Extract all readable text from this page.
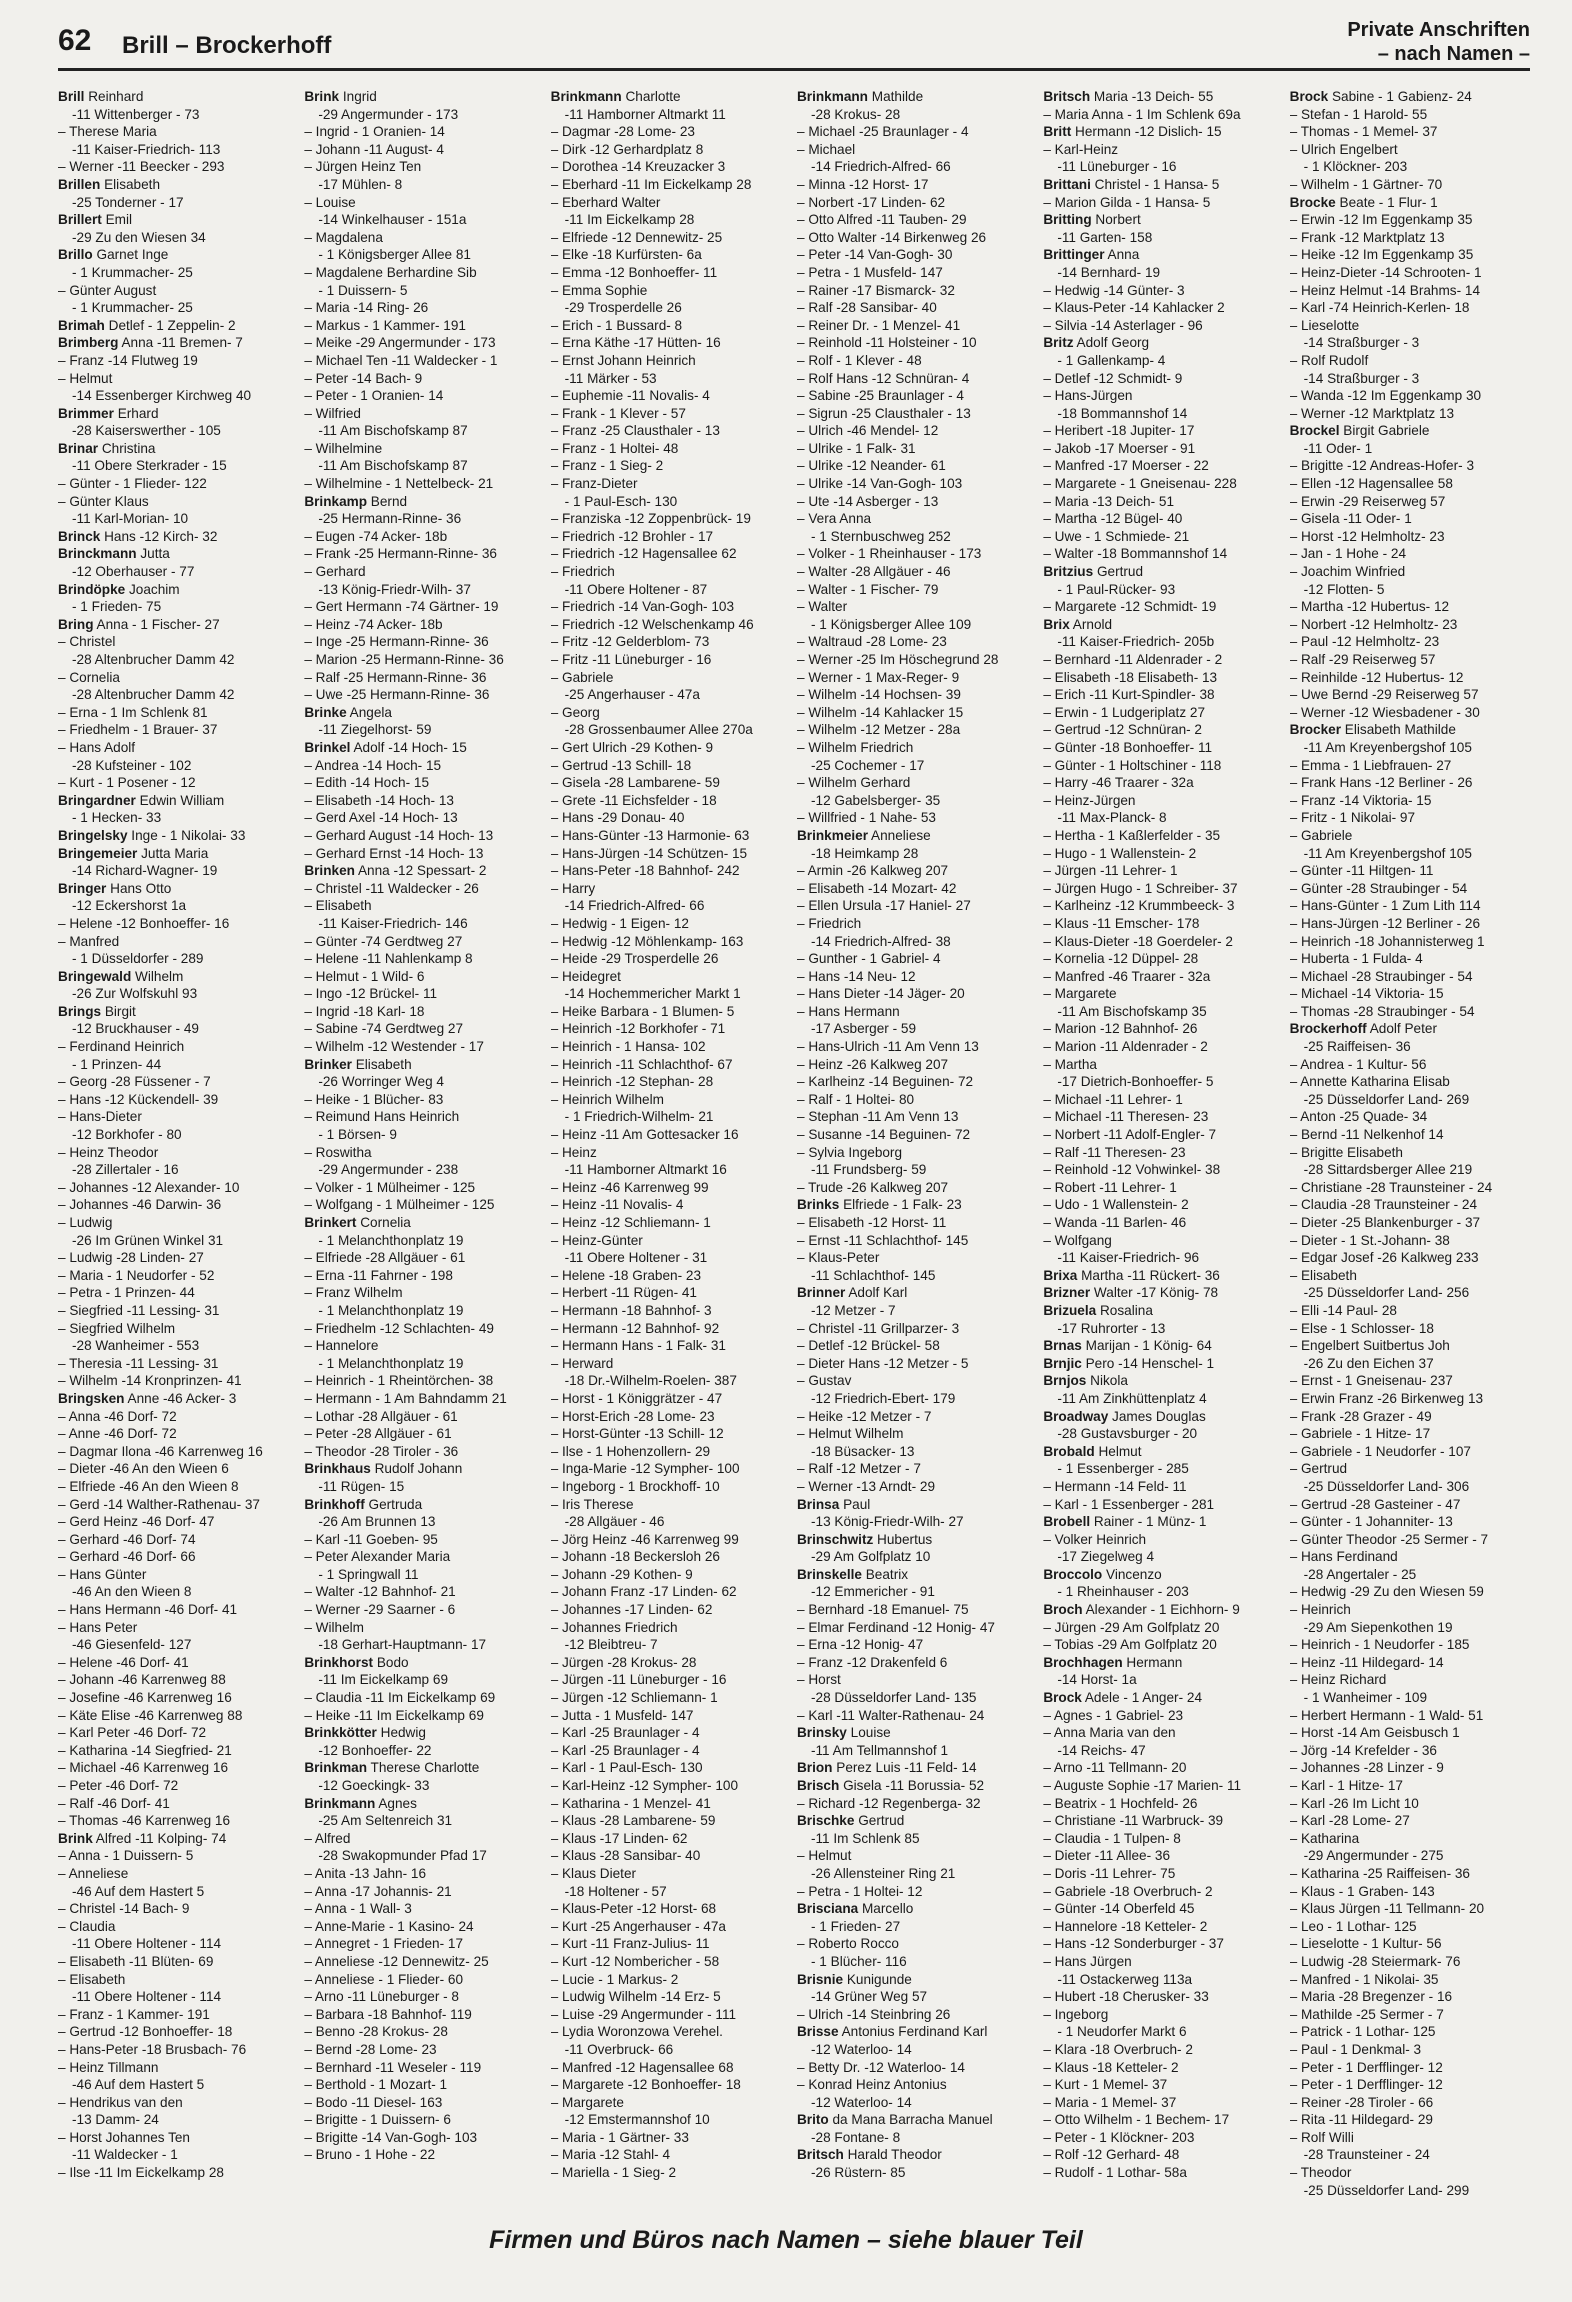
62 Brill – Brockerhoff
Private Anschriften
– nach Namen –
Brill Reinhard
-11 Wittenberger - 73
– Therese Maria
-11 Kaiser-Friedrich- 113
– Werner -11 Beecker - 293
Brillen Elisabeth
-25 Tonderner - 17
Brillert Emil
-29 Zu den Wiesen 34
Brillo Garnet Inge
- 1 Krummacher- 25
– Günter August
- 1 Krummacher- 25
Brimah Detlef - 1 Zeppelin- 2
Brimberg Anna -11 Bremen- 7
– Franz -14 Flutweg 19
– Helmut
-14 Essenberger Kirchweg 40
Brimmer Erhard
-28 Kaiserswerther - 105
Brinar Christina
-11 Obere Sterkrader - 15
– Günter - 1 Flieder- 122
– Günter Klaus
-11 Karl-Morian- 10
Brinck Hans -12 Kirch- 32
Brinckmann Jutta
-12 Oberhauser - 77
Brindöpke Joachim
- 1 Frieden- 75
Bring Anna - 1 Fischer- 27
– Christel
-28 Altenbrucher Damm 42
– Cornelia
-28 Altenbrucher Damm 42
– Erna - 1 Im Schlenk 81
– Friedhelm - 1 Brauer- 37
– Hans Adolf
-28 Kufsteiner - 102
– Kurt - 1 Posener - 12
Bringardner Edwin William
- 1 Hecken- 33
Bringelsky Inge - 1 Nikolai- 33
Bringemeier Jutta Maria
-14 Richard-Wagner- 19
Bringer Hans Otto
-12 Eckershorst 1a
– Helene -12 Bonhoeffer- 16
– Manfred
- 1 Düsseldorfer - 289
Bringewald Wilhelm
-26 Zur Wolfskuhl 93
Brings Birgit
-12 Bruckhauser - 49
– Ferdinand Heinrich
- 1 Prinzen- 44
– Georg -28 Füssener - 7
– Hans -12 Kückendell- 39
– Hans-Dieter
-12 Borkhofer - 80
– Heinz Theodor
-28 Zillertaler - 16
– Johannes -12 Alexander- 10
– Johannes -46 Darwin- 36
– Ludwig
-26 Im Grünen Winkel 31
– Ludwig -28 Linden- 27
– Maria - 1 Neudorfer - 52
– Petra - 1 Prinzen- 44
– Siegfried -11 Lessing- 31
– Siegfried Wilhelm
-28 Wanheimer - 553
– Theresia -11 Lessing- 31
– Wilhelm -14 Kronprinzen- 41
Bringsken Anne -46 Acker- 3
– Anna -46 Dorf- 72
– Anne -46 Dorf- 72
– Dagmar Ilona -46 Karrenweg 16
– Dieter -46 An den Wieen 6
– Elfriede -46 An den Wieen 8
– Gerd -14 Walther-Rathenau- 37
– Gerd Heinz -46 Dorf- 47
– Gerhard -46 Dorf- 74
– Gerhard -46 Dorf- 66
– Hans Günter
-46 An den Wieen 8
– Hans Hermann -46 Dorf- 41
– Hans Peter
-46 Giesenfeld- 127
– Helene -46 Dorf- 41
– Johann -46 Karrenweg 88
– Josefine -46 Karrenweg 16
– Käte Elise -46 Karrenweg 88
– Karl Peter -46 Dorf- 72
– Katharina -14 Siegfried- 21
– Michael -46 Karrenweg 16
– Peter -46 Dorf- 72
– Ralf -46 Dorf- 41
– Thomas -46 Karrenweg 16
Brink Alfred -11 Kolping- 74
– Anna - 1 Duissern- 5
– Anneliese
-46 Auf dem Hastert 5
– Christel -14 Bach- 9
– Claudia
-11 Obere Holtener - 114
– Elisabeth -11 Blüten- 69
– Elisabeth
-11 Obere Holtener - 114
– Franz - 1 Kammer- 191
– Gertrud -12 Bonhoeffer- 18
– Hans-Peter -18 Brusbach- 76
– Heinz Tillmann
-46 Auf dem Hastert 5
– Hendrikus van den
-13 Damm- 24
– Horst Johannes Ten
-11 Waldecker - 1
– Ilse -11 Im Eickelkamp 28
Brink Ingrid
-29 Angermunder - 173
– Ingrid - 1 Oranien- 14
– Johann -11 August- 4
– Jürgen Heinz Ten
-17 Mühlen- 8
– Louise
-14 Winkelhauser - 151a
– Magdalena
- 1 Königsberger Allee 81
– Magdalene Berhardine Sib
- 1 Duissern- 5
– Maria -14 Ring- 26
– Markus - 1 Kammer- 191
– Meike -29 Angermunder - 173
– Michael Ten -11 Waldecker - 1
– Peter -14 Bach- 9
– Peter - 1 Oranien- 14
– Wilfried
-11 Am Bischofskamp 87
– Wilhelmine
-11 Am Bischofskamp 87
– Wilhelmine - 1 Nettelbeck- 21
Brinkamp Bernd
-25 Hermann-Rinne- 36
– Eugen -74 Acker- 18b
– Frank -25 Hermann-Rinne- 36
– Gerhard
-13 König-Friedr-Wilh- 37
– Gert Hermann -74 Gärtner- 19
– Heinz -74 Acker- 18b
– Inge -25 Hermann-Rinne- 36
– Marion -25 Hermann-Rinne- 36
– Ralf -25 Hermann-Rinne- 36
– Uwe -25 Hermann-Rinne- 36
Brinke Angela
-11 Ziegelhorst- 59
Brinkel Adolf -14 Hoch- 15
– Andrea -14 Hoch- 15
– Edith -14 Hoch- 15
– Elisabeth -14 Hoch- 13
– Gerd Axel -14 Hoch- 13
– Gerhard August -14 Hoch- 13
– Gerhard Ernst -14 Hoch- 13
Brinken Anna -12 Spessart- 2
– Christel -11 Waldecker - 26
– Elisabeth
-11 Kaiser-Friedrich- 146
– Günter -74 Gerdtweg 27
– Helene -11 Nahlenkamp 8
– Helmut - 1 Wild- 6
– Ingo -12 Brückel- 11
– Ingrid -18 Karl- 18
– Sabine -74 Gerdtweg 27
– Wilhelm -12 Westender - 17
Brinker Elisabeth
-26 Worringer Weg 4
– Heike - 1 Blücher- 83
– Reimund Hans Heinrich
- 1 Börsen- 9
– Roswitha
-29 Angermunder - 238
– Volker - 1 Mülheimer - 125
– Wolfgang - 1 Mülheimer - 125
Brinkert Cornelia
- 1 Melanchthonplatz 19
– Elfriede -28 Allgäuer - 61
– Erna -11 Fahrner - 198
– Franz Wilhelm
- 1 Melanchthonplatz 19
– Friedhelm -12 Schlachten- 49
– Hannelore
- 1 Melanchthonplatz 19
– Heinrich - 1 Rheintörchen- 38
– Hermann - 1 Am Bahndamm 21
– Lothar -28 Allgäuer - 61
– Peter -28 Allgäuer - 61
– Theodor -28 Tiroler - 36
Brinkhaus Rudolf Johann
-11 Rügen- 15
Brinkhoff Gertruda
-26 Am Brunnen 13
– Karl -11 Goeben- 95
– Peter Alexander Maria
- 1 Springwall 11
– Walter -12 Bahnhof- 21
– Werner -29 Saarner - 6
– Wilhelm
-18 Gerhart-Hauptmann- 17
Brinkhorst Bodo
-11 Im Eickelkamp 69
– Claudia -11 Im Eickelkamp 69
– Heike -11 Im Eickelkamp 69
Brinkkötter Hedwig
-12 Bonhoeffer- 22
Brinkman Therese Charlotte
-12 Goeckingk- 33
Brinkmann Agnes
-25 Am Seltenreich 31
– Alfred
-28 Swakopmunder Pfad 17
– Anita -13 Jahn- 16
– Anna -17 Johannis- 21
– Anna - 1 Wall- 3
– Anne-Marie - 1 Kasino- 24
– Annegret - 1 Frieden- 17
– Anneliese -12 Dennewitz- 25
– Anneliese - 1 Flieder- 60
– Arno -11 Lüneburger - 8
– Barbara -18 Bahnhof- 119
– Benno -28 Krokus- 28
– Bernd -28 Lome- 23
– Bernhard -11 Weseler - 119
– Berthold - 1 Mozart- 1
– Bodo -11 Diesel- 163
– Brigitte - 1 Duissern- 6
– Brigitte -14 Van-Gogh- 103
– Bruno - 1 Hohe - 22
Brinkmann Charlotte
-11 Hamborner Altmarkt 11
– Dagmar -28 Lome- 23
– Dirk -12 Gerhardplatz 8
– Dorothea -14 Kreuzacker 3
– Eberhard -11 Im Eickelkamp 28
– Eberhard Walter
-11 Im Eickelkamp 28
– Elfriede -12 Dennewitz- 25
– Elke -18 Kurfürsten- 6a
– Emma -12 Bonhoeffer- 11
– Emma Sophie
-29 Trosperdelle 26
– Erich - 1 Bussard- 8
– Erna Käthe -17 Hütten- 16
– Ernst Johann Heinrich
-11 Märker - 53
– Euphemie -11 Novalis- 4
– Frank - 1 Klever - 57
– Franz -25 Clausthaler - 13
– Franz - 1 Holtei- 48
– Franz - 1 Sieg- 2
– Franz-Dieter
- 1 Paul-Esch- 130
– Franziska -12 Zoppenbrück- 19
– Friedrich -12 Brohler - 17
– Friedrich -12 Hagensallee 62
– Friedrich
-11 Obere Holtener - 87
– Friedrich -14 Van-Gogh- 103
– Friedrich -12 Welschenkamp 46
– Fritz -12 Gelderblom- 73
– Fritz -11 Lüneburger - 16
– Gabriele
-25 Angerhauser - 47a
– Georg
-28 Grossenbaumer Allee 270a
– Gert Ulrich -29 Kothen- 9
– Gertrud -13 Schill- 18
– Gisela -28 Lambarene- 59
– Grete -11 Eichsfelder - 18
– Hans -29 Donau- 40
– Hans-Günter -13 Harmonie- 63
– Hans-Jürgen -14 Schützen- 15
– Hans-Peter -18 Bahnhof- 242
– Harry
-14 Friedrich-Alfred- 66
– Hedwig - 1 Eigen- 12
– Hedwig -12 Möhlenkamp- 163
– Heide -29 Trosperdelle 26
– Heidegret
-14 Hochemmericher Markt 1
– Heike Barbara - 1 Blumen- 5
– Heinrich -12 Borkhofer - 71
– Heinrich - 1 Hansa- 102
– Heinrich -11 Schlachthof- 67
– Heinrich -12 Stephan- 28
– Heinrich Wilhelm
- 1 Friedrich-Wilhelm- 21
– Heinz -11 Am Gottesacker 16
– Heinz
-11 Hamborner Altmarkt 16
– Heinz -46 Karrenweg 99
– Heinz -11 Novalis- 4
– Heinz -12 Schliemann- 1
– Heinz-Günter
-11 Obere Holtener - 31
– Helene -18 Graben- 23
– Herbert -11 Rügen- 41
– Hermann -18 Bahnhof- 3
– Hermann -12 Bahnhof- 92
– Hermann Hans - 1 Falk- 31
– Herward
-18 Dr.-Wilhelm-Roelen- 387
– Horst - 1 Königgrätzer - 47
– Horst-Erich -28 Lome- 23
– Horst-Günter -13 Schill- 12
– Ilse - 1 Hohenzollern- 29
– Inga-Marie -12 Sympher- 100
– Ingeborg - 1 Brockhoff- 10
– Iris Therese
-28 Allgäuer - 46
– Jörg Heinz -46 Karrenweg 99
– Johann -18 Beckersloh 26
– Johann -29 Kothen- 9
– Johann Franz -17 Linden- 62
– Johannes -17 Linden- 62
– Johannes Friedrich
-12 Bleibtreu- 7
– Jürgen -28 Krokus- 28
– Jürgen -11 Lüneburger - 16
– Jürgen -12 Schliemann- 1
– Jutta - 1 Musfeld- 147
– Karl -25 Braunlager - 4
– Karl -25 Braunlager - 4
– Karl - 1 Paul-Esch- 130
– Karl-Heinz -12 Sympher- 100
– Katharina - 1 Menzel- 41
– Klaus -28 Lambarene- 59
– Klaus -17 Linden- 62
– Klaus -28 Sansibar- 40
– Klaus Dieter
-18 Holtener - 57
– Klaus-Peter -12 Horst- 68
– Kurt -25 Angerhauser - 47a
– Kurt -11 Franz-Julius- 11
– Kurt -12 Nombericher - 58
– Lucie - 1 Markus- 2
– Ludwig Wilhelm -14 Erz- 5
– Luise -29 Angermunder - 111
– Lydia Woronzowa Verehel.
-11 Overbruck- 66
– Manfred -12 Hagensallee 68
– Margarete -12 Bonhoeffer- 18
– Margarete
-12 Emstermannshof 10
– Maria - 1 Gärtner- 33
– Maria -12 Stahl- 4
– Mariella - 1 Sieg- 2
Brinkmann Mathilde
-28 Krokus- 28
– Michael -25 Braunlager - 4
– Michael
-14 Friedrich-Alfred- 66
– Minna -12 Horst- 17
– Norbert -17 Linden- 62
– Otto Alfred -11 Tauben- 29
– Otto Walter -14 Birkenweg 26
– Peter -14 Van-Gogh- 30
– Petra - 1 Musfeld- 147
– Rainer -17 Bismarck- 32
– Ralf -28 Sansibar- 40
– Reiner Dr. - 1 Menzel- 41
– Reinhold -11 Holsteiner - 10
– Rolf - 1 Klever - 48
– Rolf Hans -12 Schnüran- 4
– Sabine -25 Braunlager - 4
– Sigrun -25 Clausthaler - 13
– Ulrich -46 Mendel- 12
– Ulrike - 1 Falk- 31
– Ulrike -12 Neander- 61
– Ulrike -14 Van-Gogh- 103
– Ute -14 Asberger - 13
– Vera Anna
- 1 Sternbuschweg 252
– Volker - 1 Rheinhauser - 173
– Walter -28 Allgäuer - 46
– Walter - 1 Fischer- 79
– Walter
- 1 Königsberger Allee 109
– Waltraud -28 Lome- 23
– Werner -25 Im Höschegrund 28
– Werner - 1 Max-Reger- 9
– Wilhelm -14 Hochsen- 39
– Wilhelm -14 Kahlacker 15
– Wilhelm -12 Metzer - 28a
– Wilhelm Friedrich
-25 Cochemer - 17
– Wilhelm Gerhard
-12 Gabelsberger- 35
– Willfried - 1 Nahe- 53
Brinkmeier Anneliese
-18 Heimkamp 28
– Armin -26 Kalkweg 207
– Elisabeth -14 Mozart- 42
– Ellen Ursula -17 Haniel- 27
– Friedrich
-14 Friedrich-Alfred- 38
– Gunther - 1 Gabriel- 4
– Hans -14 Neu- 12
– Hans Dieter -14 Jäger- 20
– Hans Hermann
-17 Asberger - 59
– Hans-Ulrich -11 Am Venn 13
– Heinz -26 Kalkweg 207
– Karlheinz -14 Beguinen- 72
– Ralf - 1 Holtei- 80
– Stephan -11 Am Venn 13
– Susanne -14 Beguinen- 72
– Sylvia Ingeborg
-11 Frundsberg- 59
– Trude -26 Kalkweg 207
Brinks Elfriede - 1 Falk- 23
– Elisabeth -12 Horst- 11
– Ernst -11 Schlachthof- 145
– Klaus-Peter
-11 Schlachthof- 145
Brinner Adolf Karl
-12 Metzer - 7
– Christel -11 Grillparzer- 3
– Detlef -12 Brückel- 58
– Dieter Hans -12 Metzer - 5
– Gustav
-12 Friedrich-Ebert- 179
– Heike -12 Metzer - 7
– Helmut Wilhelm
-18 Büsacker- 13
– Ralf -12 Metzer - 7
– Werner -13 Arndt- 29
Brinsa Paul
-13 König-Friedr-Wilh- 27
Brinschwitz Hubertus
-29 Am Golfplatz 10
Brinskelle Beatrix
-12 Emmericher - 91
– Bernhard -18 Emanuel- 75
– Elmar Ferdinand -12 Honig- 47
– Erna -12 Honig- 47
– Franz -12 Drakenfeld 6
– Horst
-28 Düsseldorfer Land- 135
– Karl -11 Walter-Rathenau- 24
Brinsky Louise
-11 Am Tellmannshof 1
Brion Perez Luis -11 Feld- 14
Brisch Gisela -11 Borussia- 52
– Richard -12 Regenberga- 32
Brischke Gertrud
-11 Im Schlenk 85
– Helmut
-26 Allensteiner Ring 21
– Petra - 1 Holtei- 12
Brisciana Marcello
- 1 Frieden- 27
– Roberto Rocco
- 1 Blücher- 116
Brisnie Kunigunde
-14 Grüner Weg 57
– Ulrich -14 Steinbring 26
Brisse Antonius Ferdinand Karl
-12 Waterloo- 14
– Betty Dr. -12 Waterloo- 14
– Konrad Heinz Antonius
-12 Waterloo- 14
Brito da Mana Barracha Manuel
-28 Fontane- 8
Britsch Harald Theodor
-26 Rüstern- 85
Britsch Maria -13 Deich- 55
– Maria Anna - 1 Im Schlenk 69a
Britt Hermann -12 Dislich- 15
– Karl-Heinz
-11 Lüneburger - 16
Brittani Christel - 1 Hansa- 5
– Marion Gilda - 1 Hansa- 5
Britting Norbert
-11 Garten- 158
Brittinger Anna
-14 Bernhard- 19
– Hedwig -14 Günter- 3
– Klaus-Peter -14 Kahlacker 2
– Silvia -14 Asterlager - 96
Britz Adolf Georg
- 1 Gallenkamp- 4
– Detlef -12 Schmidt- 9
– Hans-Jürgen
-18 Bommannshof 14
– Heribert -18 Jupiter- 17
– Jakob -17 Moerser - 91
– Manfred -17 Moerser - 22
– Margarete - 1 Gneisenau- 228
– Maria -13 Deich- 51
– Martha -12 Bügel- 40
– Uwe - 1 Schmiede- 21
– Walter -18 Bommannshof 14
Britzius Gertrud
- 1 Paul-Rücker- 93
– Margarete -12 Schmidt- 19
Brix Arnold
-11 Kaiser-Friedrich- 205b
– Bernhard -11 Aldenrader - 2
– Elisabeth -18 Elisabeth- 13
– Erich -11 Kurt-Spindler- 38
– Erwin - 1 Ludgeriplatz 27
– Gertrud -12 Schnüran- 2
– Günter -18 Bonhoeffer- 11
– Günter - 1 Holtschiner - 118
– Harry -46 Traarer - 32a
– Heinz-Jürgen
-11 Max-Planck- 8
– Hertha - 1 Kaßlerfelder - 35
– Hugo - 1 Wallenstein- 2
– Jürgen -11 Lehrer- 1
– Jürgen Hugo - 1 Schreiber- 37
– Karlheinz -12 Krummbeeck- 3
– Klaus -11 Emscher- 178
– Klaus-Dieter -18 Goerdeler- 2
– Kornelia -12 Düppel- 28
– Manfred -46 Traarer - 32a
– Margarete
-11 Am Bischofskamp 35
– Marion -12 Bahnhof- 26
– Marion -11 Aldenrader - 2
– Martha
-17 Dietrich-Bonhoeffer- 5
– Michael -11 Lehrer- 1
– Michael -11 Theresen- 23
– Norbert -11 Adolf-Engler- 7
– Ralf -11 Theresen- 23
– Reinhold -12 Vohwinkel- 38
– Robert -11 Lehrer- 1
– Udo - 1 Wallenstein- 2
– Wanda -11 Barlen- 46
– Wolfgang
-11 Kaiser-Friedrich- 96
Brixa Martha -11 Rückert- 36
Brizner Walter -17 König- 78
Brizuela Rosalina
-17 Ruhrorter - 13
Brnas Marijan - 1 König- 64
Brnjic Pero -14 Henschel- 1
Brnjos Nikola
-11 Am Zinkhüttenplatz 4
Broadway James Douglas
-28 Gustavsburger - 20
Brobald Helmut
- 1 Essenberger - 285
– Hermann -14 Feld- 11
– Karl - 1 Essenberger - 281
Brobell Rainer - 1 Münz- 1
– Volker Heinrich
-17 Ziegelweg 4
Broccolo Vincenzo
- 1 Rheinhauser - 203
Broch Alexander - 1 Eichhorn- 9
– Jürgen -29 Am Golfplatz 20
– Tobias -29 Am Golfplatz 20
Brochhagen Hermann
-14 Horst- 1a
Brock Adele - 1 Anger- 24
– Agnes - 1 Gabriel- 23
– Anna Maria van den
-14 Reichs- 47
– Arno -11 Tellmann- 20
– Auguste Sophie -17 Marien- 11
– Beatrix - 1 Hochfeld- 26
– Christiane -11 Warbruck- 39
– Claudia - 1 Tulpen- 8
– Dieter -11 Allee- 36
– Doris -11 Lehrer- 75
– Gabriele -18 Overbruch- 2
– Günter -14 Oberfeld 45
– Hannelore -18 Ketteler- 2
– Hans -12 Sonderburger - 37
– Hans Jürgen
-11 Ostackerweg 113a
– Hubert -18 Cherusker- 33
– Ingeborg
- 1 Neudorfer Markt 6
– Klara -18 Overbruch- 2
– Klaus -18 Ketteler- 2
– Kurt - 1 Memel- 37
– Maria - 1 Memel- 37
– Otto Wilhelm - 1 Bechem- 17
– Peter - 1 Klöckner- 203
– Rolf -12 Gerhard- 48
– Rudolf - 1 Lothar- 58a
Brock Sabine - 1 Gabienz- 24
– Stefan - 1 Harold- 55
– Thomas - 1 Memel- 37
– Ulrich Engelbert
- 1 Klöckner- 203
– Wilhelm - 1 Gärtner- 70
Brocke Beate - 1 Flur- 1
– Erwin -12 Im Eggenkamp 35
– Frank -12 Marktplatz 13
– Heike -12 Im Eggenkamp 35
– Heinz-Dieter -14 Schrooten- 1
– Heinz Helmut -14 Brahms- 14
– Karl -74 Heinrich-Kerlen- 18
– Lieselotte
-14 Straßburger - 3
– Rolf Rudolf
-14 Straßburger - 3
– Wanda -12 Im Eggenkamp 30
– Werner -12 Marktplatz 13
Brockel Birgit Gabriele
-11 Oder- 1
– Brigitte -12 Andreas-Hofer- 3
– Ellen -12 Hagensallee 58
– Erwin -29 Reiserweg 57
– Gisela -11 Oder- 1
– Horst -12 Helmholtz- 23
– Jan - 1 Hohe - 24
– Joachim Winfried
-12 Flotten- 5
– Martha -12 Hubertus- 12
– Norbert -12 Helmholtz- 23
– Paul -12 Helmholtz- 23
– Ralf -29 Reiserweg 57
– Reinhilde -12 Hubertus- 12
– Uwe Bernd -29 Reiserweg 57
– Werner -12 Wiesbadener - 30
Brocker Elisabeth Mathilde
-11 Am Kreyenbergshof 105
– Emma - 1 Liebfrauen- 27
– Frank Hans -12 Berliner - 26
– Franz -14 Viktoria- 15
– Fritz - 1 Nikolai- 97
– Gabriele
-11 Am Kreyenbergshof 105
– Günter -11 Hiltgen- 11
– Günter -28 Straubinger - 54
– Hans-Günter - 1 Zum Lith 114
– Hans-Jürgen -12 Berliner - 26
– Heinrich -18 Johannisterweg 1
– Huberta - 1 Fulda- 4
– Michael -28 Straubinger - 54
– Michael -14 Viktoria- 15
– Thomas -28 Straubinger - 54
Brockerhoff Adolf Peter
-25 Raiffeisen- 36
– Andrea - 1 Kultur- 56
– Annette Katharina Elisab
-25 Düsseldorfer Land- 269
– Anton -25 Quade- 34
– Bernd -11 Nelkenhof 14
– Brigitte Elisabeth
-28 Sittardsberger Allee 219
– Christiane -28 Traunsteiner - 24
– Claudia -28 Traunsteiner - 24
– Dieter -25 Blankenburger - 37
– Dieter - 1 St.-Johann- 38
– Edgar Josef -26 Kalkweg 233
– Elisabeth
-25 Düsseldorfer Land- 256
– Elli -14 Paul- 28
– Else - 1 Schlosser- 18
– Engelbert Suitbertus Joh
-26 Zu den Eichen 37
– Ernst - 1 Gneisenau- 237
– Erwin Franz -26 Birkenweg 13
– Frank -28 Grazer - 49
– Gabriele - 1 Hitze- 17
– Gabriele - 1 Neudorfer - 107
– Gertrud
-25 Düsseldorfer Land- 306
– Gertrud -28 Gasteiner - 47
– Günter - 1 Johanniter- 13
– Günter Theodor -25 Sermer - 7
– Hans Ferdinand
-28 Angertaler - 25
– Hedwig -29 Zu den Wiesen 59
– Heinrich
-29 Am Siepenkothen 19
– Heinrich - 1 Neudorfer - 185
– Heinz -11 Hildegard- 14
– Heinz Richard
- 1 Wanheimer - 109
– Herbert Hermann - 1 Wald- 51
– Horst -14 Am Geisbusch 1
– Jörg -14 Krefelder - 36
– Johannes -28 Linzer - 9
– Karl - 1 Hitze- 17
– Karl -26 Im Licht 10
– Karl -28 Lome- 27
– Katharina
-29 Angermunder - 275
– Katharina -25 Raiffeisen- 36
– Klaus - 1 Graben- 143
– Klaus Jürgen -11 Tellmann- 20
– Leo - 1 Lothar- 125
– Lieselotte - 1 Kultur- 56
– Ludwig -28 Steiermark- 76
– Manfred - 1 Nikolai- 35
– Maria -28 Bregenzer - 16
– Mathilde -25 Sermer - 7
– Patrick - 1 Lothar- 125
– Paul - 1 Denkmal- 3
– Peter - 1 Derfflinger- 12
– Peter - 1 Derfflinger- 12
– Reiner -28 Tiroler - 66
– Rita -11 Hildegard- 29
– Rolf Willi
-28 Traunsteiner - 24
– Theodor
-25 Düsseldorfer Land- 299
Firmen und Büros nach Namen – siehe blauer Teil
